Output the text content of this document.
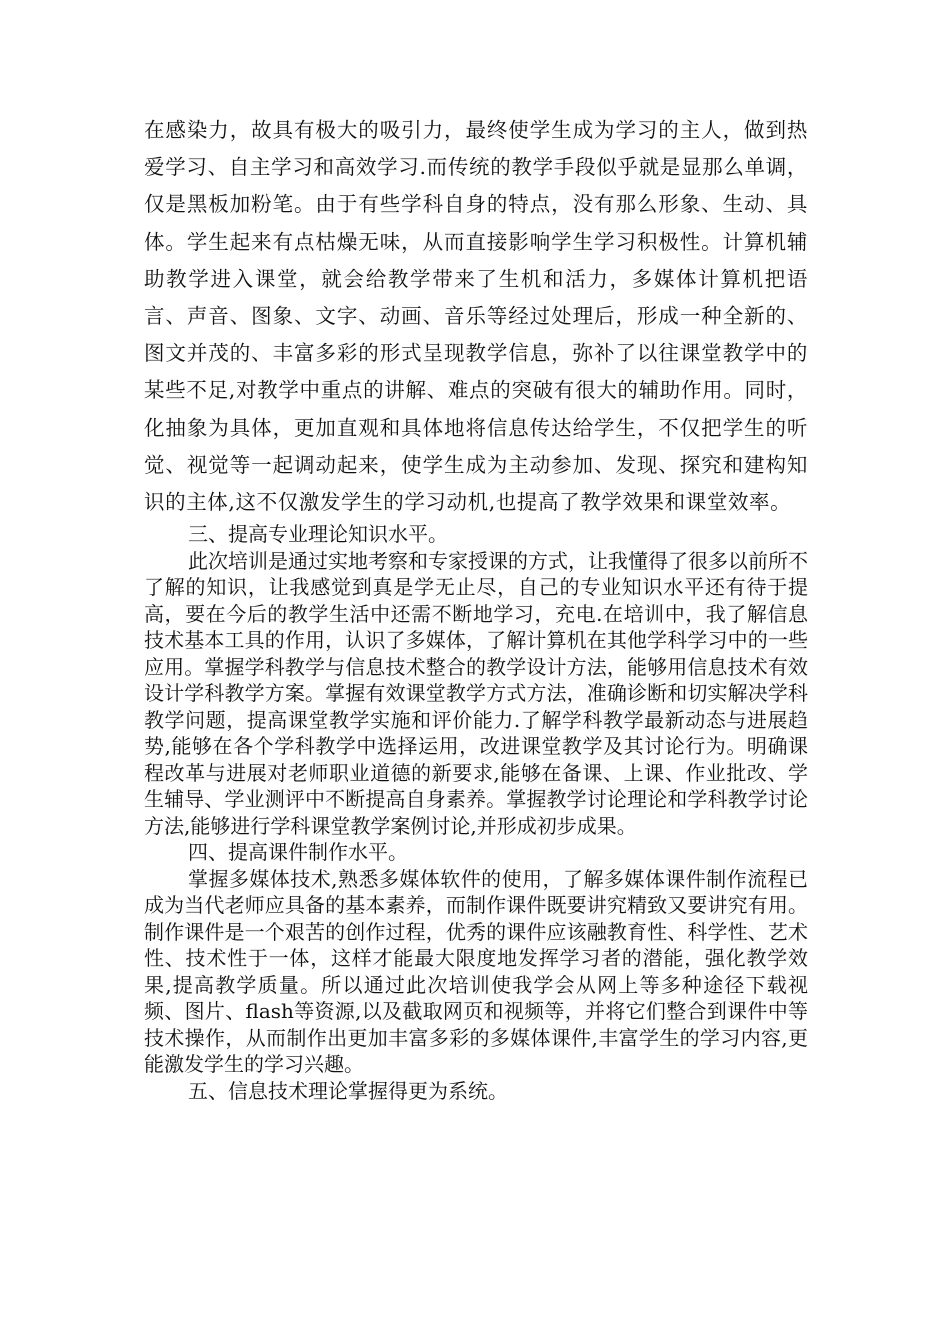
在感染力，故具有极大的吸引力，最终使学生成为学习的主人，做到热爱学习、自主学习和高效学习.而传统的教学手段似乎就是显那么单调，仅是黑板加粉笔。由于有些学科自身的特点，没有那么形象、生动、具体。学生起来有点枯燥无味，从而直接影响学生学习积极性。计算机辅助教学进入课堂，就会给教学带来了生机和活力，多媒体计算机把语言、声音、图象、文字、动画、音乐等经过处理后，形成一种全新的、图文并茂的、丰富多彩的形式呈现教学信息，弥补了以往课堂教学中的某些不足,对教学中重点的讲解、难点的突破有很大的辅助作用。同时，化抽象为具体，更加直观和具体地将信息传达给学生，不仅把学生的听觉、视觉等一起调动起来，使学生成为主动参加、发现、探究和建构知识的主体,这不仅激发学生的学习动机,也提高了教学效果和课堂效率。

三、提高专业理论知识水平。

此次培训是通过实地考察和专家授课的方式，让我懂得了很多以前所不了解的知识，让我感觉到真是学无止尽，自己的专业知识水平还有待于提高，要在今后的教学生活中还需不断地学习，充电.在培训中，我了解信息技术基本工具的作用，认识了多媒体，了解计算机在其他学科学习中的一些应用。掌握学科教学与信息技术整合的教学设计方法，能够用信息技术有效设计学科教学方案。掌握有效课堂教学方式方法，准确诊断和切实解决学科教学问题，提高课堂教学实施和评价能力.了解学科教学最新动态与进展趋势,能够在各个学科教学中选择运用，改进课堂教学及其讨论行为。明确课程改革与进展对老师职业道德的新要求,能够在备课、上课、作业批改、学生辅导、学业测评中不断提高自身素养。掌握教学讨论理论和学科教学讨论方法,能够进行学科课堂教学案例讨论,并形成初步成果。

四、提高课件制作水平。

掌握多媒体技术,熟悉多媒体软件的使用，了解多媒体课件制作流程已成为当代老师应具备的基本素养，而制作课件既要讲究精致又要讲究有用。制作课件是一个艰苦的创作过程，优秀的课件应该融教育性、科学性、艺术性、技术性于一体，这样才能最大限度地发挥学习者的潜能，强化教学效果,提高教学质量。所以通过此次培训使我学会从网上等多种途径下载视频、图片、flash等资源,以及截取网页和视频等，并将它们整合到课件中等技术操作，从而制作出更加丰富多彩的多媒体课件,丰富学生的学习内容,更能激发学生的学习兴趣。

五、信息技术理论掌握得更为系统。
